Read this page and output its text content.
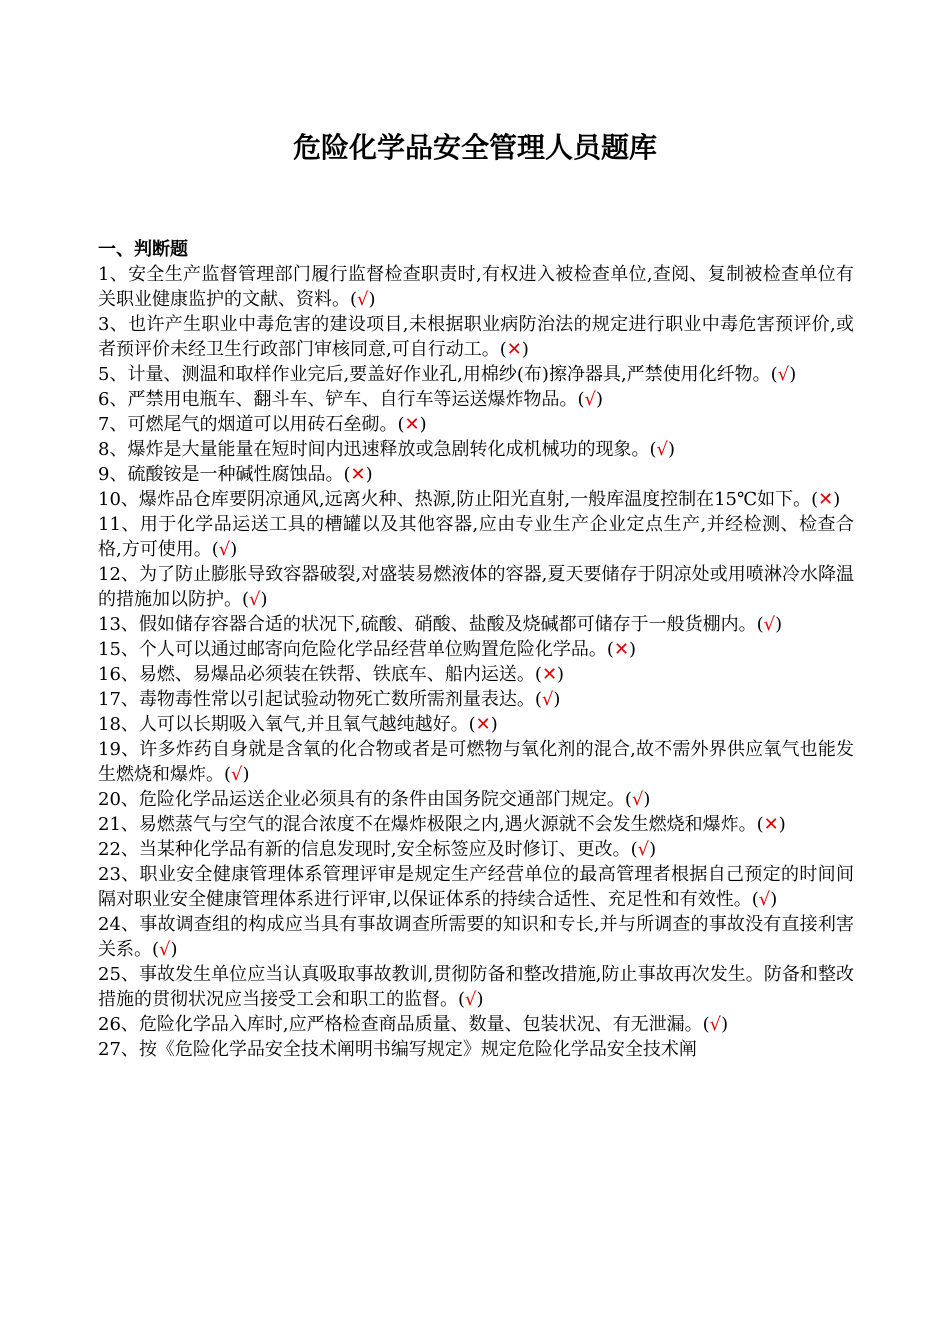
危险化学品安全管理人员题库
一、判断题

1、安全生产监督管理部门履行监督检查职责时,有权进入被检查单位,查阅、复制被检查单位有关职业健康监护的文献、资料。(√)

3、也许产生职业中毒危害的建设项目,未根据职业病防治法的规定进行职业中毒危害预评价,或者预评价未经卫生行政部门审核同意,可自行动工。(✕)

5、计量、测温和取样作业完后,要盖好作业孔,用棉纱(布)擦净器具,严禁使用化纤物。(√)

6、严禁用电瓶车、翻斗车、铲车、自行车等运送爆炸物品。(√)

7、可燃尾气的烟道可以用砖石垒砌。(✕)

8、爆炸是大量能量在短时间内迅速释放或急剧转化成机械功的现象。(√)

9、硫酸铵是一种碱性腐蚀品。(✕)

10、爆炸品仓库要阴凉通风,远离火种、热源,防止阳光直射,一般库温度控制在15℃如下。(✕)

11、用于化学品运送工具的槽罐以及其他容器,应由专业生产企业定点生产,并经检测、检查合格,方可使用。(√)

12、为了防止膨胀导致容器破裂,对盛装易燃液体的容器,夏天要储存于阴凉处或用喷淋冷水降温的措施加以防护。(√)

13、假如储存容器合适的状况下,硫酸、硝酸、盐酸及烧碱都可储存于一般货棚内。(√)

15、个人可以通过邮寄向危险化学品经营单位购置危险化学品。(✕)

16、易燃、易爆品必须装在铁帮、铁底车、船内运送。(✕)

17、毒物毒性常以引起试验动物死亡数所需剂量表达。(√)

18、人可以长期吸入氧气,并且氧气越纯越好。(✕)

19、许多炸药自身就是含氧的化合物或者是可燃物与氧化剂的混合,故不需外界供应氧气也能发生燃烧和爆炸。(√)

20、危险化学品运送企业必须具有的条件由国务院交通部门规定。(√)

21、易燃蒸气与空气的混合浓度不在爆炸极限之内,遇火源就不会发生燃烧和爆炸。(✕)

22、当某种化学品有新的信息发现时,安全标签应及时修订、更改。(√)

23、职业安全健康管理体系管理评审是规定生产经营单位的最高管理者根据自己预定的时间间隔对职业安全健康管理体系进行评审,以保证体系的持续合适性、充足性和有效性。(√)

24、事故调查组的构成应当具有事故调查所需要的知识和专长,并与所调查的事故没有直接利害关系。(√)

25、事故发生单位应当认真吸取事故教训,贯彻防备和整改措施,防止事故再次发生。防备和整改措施的贯彻状况应当接受工会和职工的监督。(√)

26、危险化学品入库时,应严格检查商品质量、数量、包装状况、有无泄漏。(√)

27、按《危险化学品安全技术阐明书编写规定》规定危险化学品安全技术阐
